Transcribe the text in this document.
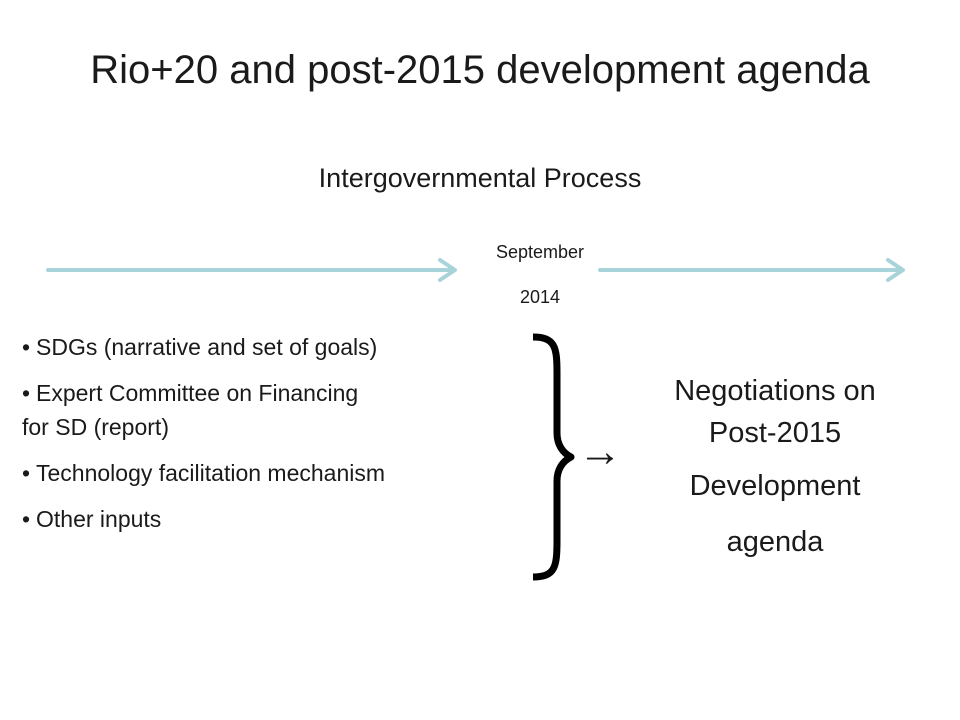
Rio+20 and post-2015 development agenda
Intergovernmental Process
September
2014
• SDGs (narrative and set of goals)
• Expert Committee on Financing
for SD (report)
• Technology facilitation mechanism
• Other inputs
→
Negotiations on
Post-2015
Development
agenda
